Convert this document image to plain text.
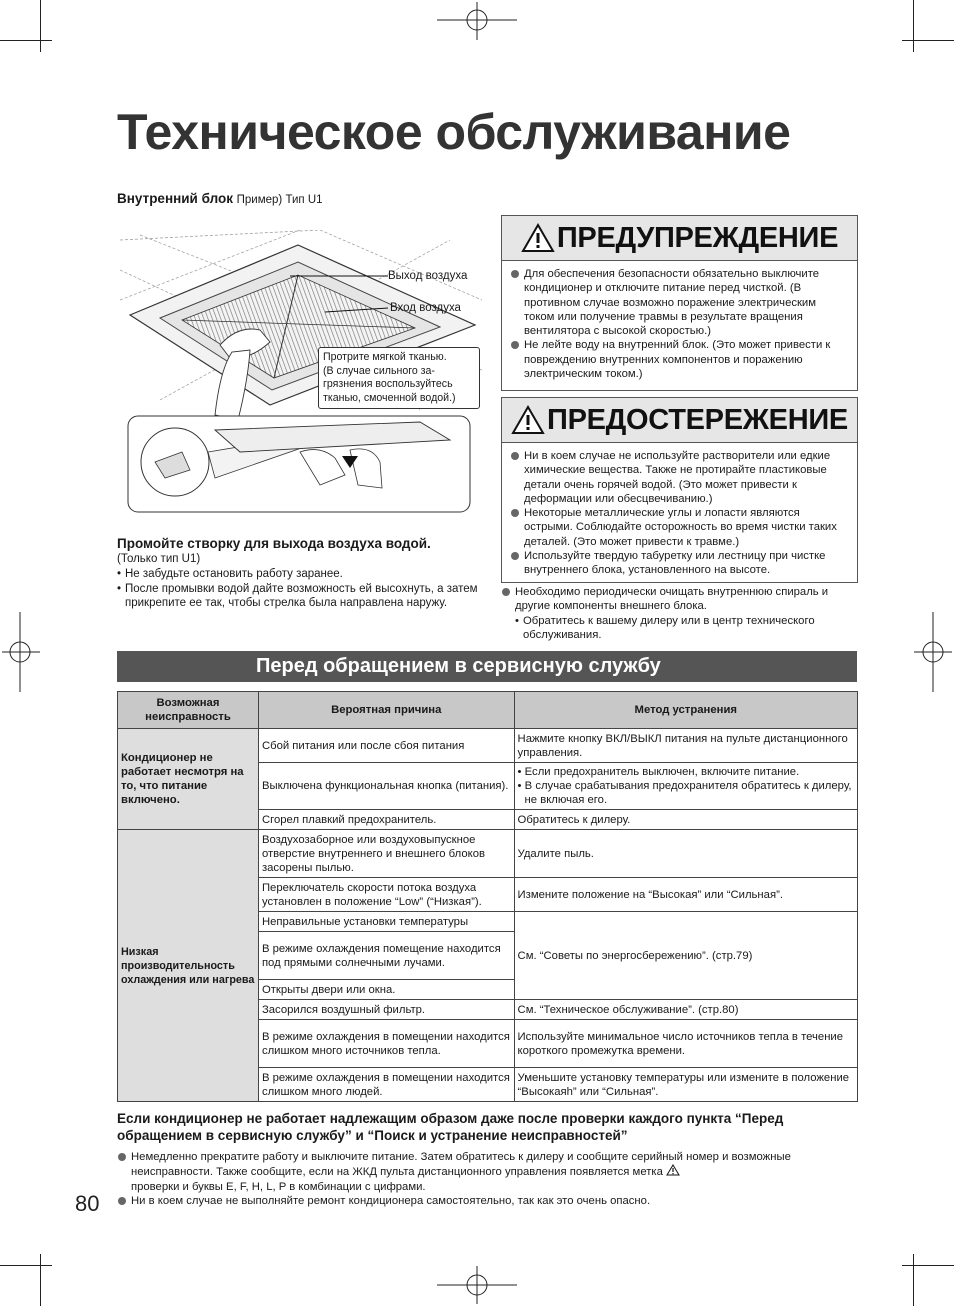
Техническое обслуживание
Внутренний блок Пример) Тип U1
Выход воздуха
Вход воздуха
Протрите мягкой тканью.
(В случае сильного за-
грязнения воспользуйтесь
тканью, смоченной водой.)
Промойте створку для выхода воздуха водой.
(Только тип U1)
• Не забудьте остановить работу заранее.
• После промывки водой дайте возможность ей высохнуть, а затем прикрепите ее так, чтобы стрелка была направлена наружу.
ПРЕДУПРЕЖДЕНИЕ
Для обеспечения безопасности обязательно выключите кондиционер и отключите питание перед чисткой. (В противном случае возможно поражение электрическим током или получение травмы в результате вращения вентилятора с высокой скоростью.)
Не лейте воду на внутренний блок. (Это может привести к повреждению внутренних компонентов и поражению электрическим током.)
ПРЕДОСТЕРЕЖЕНИЕ
Ни в коем случае не используйте растворители или едкие химические вещества. Также не протирайте пластиковые детали очень горячей водой. (Это может привести к деформации или обесцвечиванию.)
Некоторые металлические углы и лопасти являются острыми. Соблюдайте осторожность во время чистки таких деталей. (Это может привести к травме.)
Используйте твердую табуретку или лестницу при чистке внутреннего блока, установленного на высоте.
Необходимо периодически очищать внутреннюю спираль и другие компоненты внешнего блока.
• Обратитесь к вашему дилеру или в центр технического обслуживания.
Перед обращением в сервисную службу
Возможная неисправность	Вероятная причина	Метод устранения
Кондиционер не работает несмотря на то, что питание включено.	Сбой питания или после сбоя питания	Нажмите кнопку ВКЛ/ВЫКЛ питания на пульте дистанционного управления.
	Выключена функциональная кнопка (питания).	• Если предохранитель выключен, включите питание.
• В случае срабатывания предохранителя обратитесь к дилеру, не включая его.

	Сгорел плавкий предохранитель.	Обратитесь к дилеру.
Низкая производительность охлаждения или нагрева	Воздухозаборное или воздуховыпускное отверстие внутреннего и внешнего блоков засорены пылью.	Удалите пыль.
	Переключатель скорости потока воздуха установлен в положение “Low” (“Низкая”).	Измените положение на “Высокая” или “Сильная”.
	Неправильные установки температуры	См. “Советы по энергосбережению”. (стр.79)
	В режиме охлаждения помещение находится под прямыми солнечными лучами.	
	Открыты двери или окна.	
	Засорился воздушный фильтр.	См. “Техническое обслуживание”. (стр.80)
	В режиме охлаждения в помещении находится слишком много источников тепла.	Используйте минимальное число источников тепла в течение короткого промежутка времени.
	В режиме охлаждения в помещении находится слишком много людей.	Уменьшите установку температуры или измените в положение “Высокаяh” или “Сильная”.
Если кондиционер не работает надлежащим образом даже после проверки каждого пункта “Перед обращением в сервисную службу” и “Поиск и устранение неисправностей”
Немедленно прекратите работу и выключите питание. Затем обратитесь к дилеру и сообщите серийный номер и возможные неисправности. Также сообщите, если на ЖКД пульта дистанционного управления появляется метка
проверки и буквы E, F, H, L, P в комбинации с цифрами.
Ни в коем случае не выполняйте ремонт кондиционера самостоятельно, так как это очень опасно.
80
